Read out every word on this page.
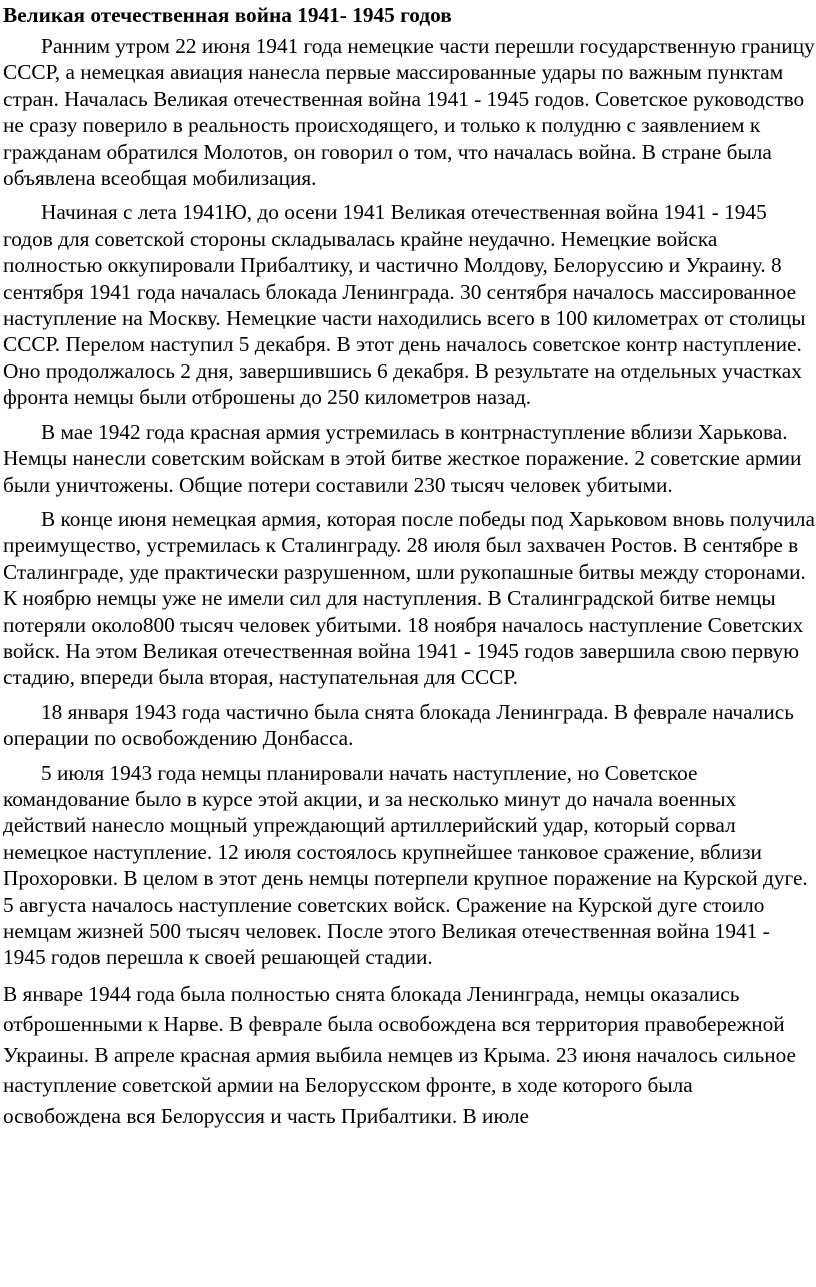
Великая отечественная война 1941- 1945 годов

Ранним утром 22 июня 1941 года немецкие части перешли государственную границу СССР, а немецкая авиация нанесла первые массированные удары по важным пунктам стран. Началась Великая отечественная война 1941 - 1945 годов. Советское руководство не сразу поверило в реальность происходящего, и только к полудню с заявлением к гражданам обратился Молотов, он говорил о том, что началась война. В стране была объявлена всеобщая мобилизация.

Начиная с лета 1941Ю, до осени 1941 Великая отечественная война 1941 - 1945 годов для советской стороны складывалась крайне неудачно. Немецкие войска полностью оккупировали Прибалтику, и частично Молдову, Белоруссию и Украину. 8 сентября 1941 года началась блокада Ленинграда. 30 сентября началось массированное наступление на Москву. Немецкие части находились всего в 100 километрах от столицы СССР. Перелом наступил 5 декабря. В этот день началось советское контр наступление. Оно продолжалось 2 дня, завершившись 6 декабря. В результате на отдельных участках фронта немцы были отброшены до 250 километров назад.

В мае 1942 года красная армия устремилась в контрнаступление вблизи Харькова. Немцы нанесли советским войскам в этой битве жесткое поражение. 2 советские армии были уничтожены. Общие потери составили 230 тысяч человек убитыми.

В конце июня немецкая армия, которая после победы под Харьковом вновь получила преимущество, устремилась к Сталинграду. 28 июля был захвачен Ростов. В сентябре в Сталинграде, уде практически разрушенном, шли рукопашные битвы между сторонами. К ноябрю немцы уже не имели сил для наступления. В Сталинградской битве немцы потеряли около800 тысяч человек убитыми. 18 ноября началось наступление Советских войск. На этом Великая отечественная война 1941 - 1945 годов завершила свою первую стадию, впереди была вторая, наступательная для СССР.

18 января 1943 года частично была снята блокада Ленинграда. В феврале начались операции по освобождению Донбасса.

5 июля 1943 года немцы планировали начать наступление, но Советское командование было в курсе этой акции, и за несколько минут до начала военных действий нанесло мощный упреждающий артиллерийский удар, который сорвал немецкое наступление. 12 июля состоялось крупнейшее танковое сражение, вблизи Прохоровки. В целом в этот день немцы потерпели крупное поражение на Курской дуге. 5 августа началось наступление советских войск. Сражение на Курской дуге стоило немцам жизней 500 тысяч человек. После этого Великая отечественная война 1941 - 1945 годов перешла к своей решающей стадии.

В январе 1944 года была полностью снята блокада Ленинграда, немцы оказались отброшенными к Нарве. В феврале была освобождена вся территория правобережной Украины. В апреле красная армия выбила немцев из Крыма. 23 июня началось сильное наступление советской армии на Белорусском фронте, в ходе которого была освобождена вся Белоруссия и часть Прибалтики. В июле
